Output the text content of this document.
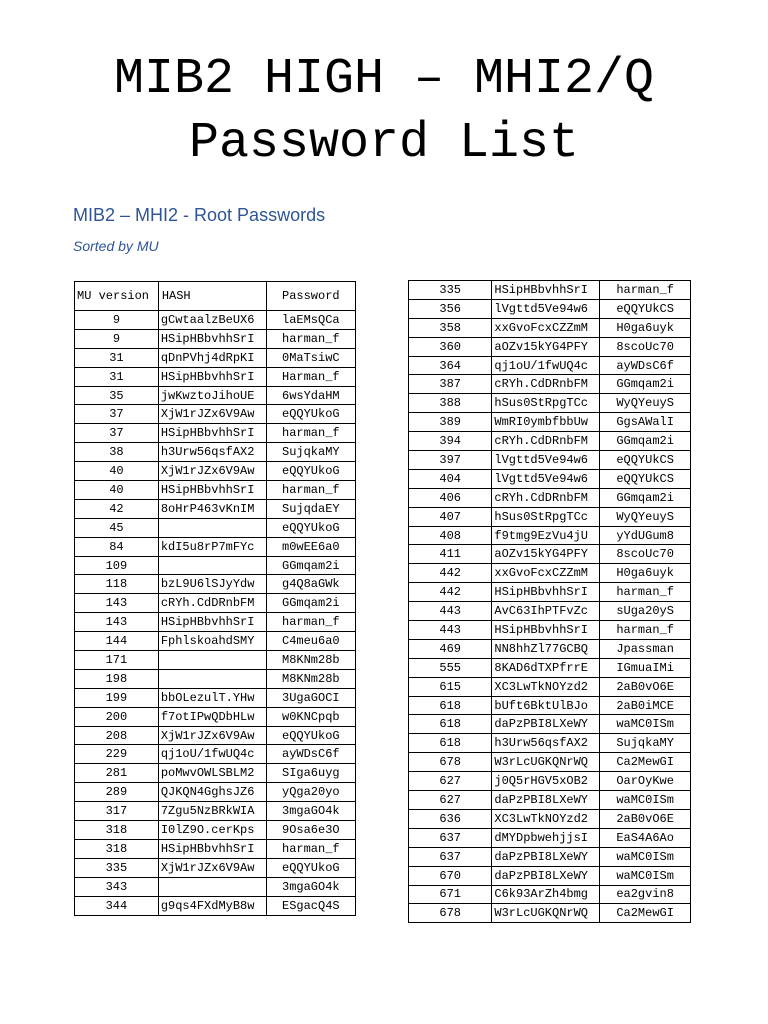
MIB2 HIGH – MHI2/Q
Password List
MIB2 – MHI2 - Root Passwords

Sorted by MU

MU version	HASH	Password
9	gCwtaalzBeUX6	laEMsQCa
9	HSipHBbvhhSrI	harman_f
31	qDnPVhj4dRpKI	0MaTsiwC
31	HSipHBbvhhSrI	Harman_f
35	jwKwztoJihoUE	6wsYdaHM
37	XjW1rJZx6V9Aw	eQQYUkoG
37	HSipHBbvhhSrI	harman_f
38	h3Urw56qsfAX2	SujqkaMY
40	XjW1rJZx6V9Aw	eQQYUkoG
40	HSipHBbvhhSrI	harman_f
42	8oHrP463vKnIM	SujqdaEY
45		eQQYUkoG
84	kdI5u8rP7mFYc	m0wEE6a0
109		GGmqam2i
118	bzL9U6lSJyYdw	g4Q8aGWk
143	cRYh.CdDRnbFM	GGmqam2i
143	HSipHBbvhhSrI	harman_f
144	FphlskoahdSMY	C4meu6a0
171		M8KNm28b
198		M8KNm28b
199	bbOLezulT.YHw	3UgaGOCI
200	f7otIPwQDbHLw	w0KNCpqb
208	XjW1rJZx6V9Aw	eQQYUkoG
229	qj1oU/1fwUQ4c	ayWDsC6f
281	poMwvOWLSBLM2	SIga6uyg
289	QJKQN4GghsJZ6	yQga20yo
317	7Zgu5NzBRkWIA	3mgaGO4k
318	I0lZ9O.cerKps	9Osa6e3O
318	HSipHBbvhhSrI	harman_f
335	XjW1rJZx6V9Aw	eQQYUkoG
343		3mgaGO4k
344	g9qs4FXdMyB8w	ESgacQ4S
335	HSipHBbvhhSrI	harman_f
356	lVgttd5Ve94w6	eQQYUkCS
358	xxGvoFcxCZZmM	H0ga6uyk
360	aOZv15kYG4PFY	8scoUc70
364	qj1oU/1fwUQ4c	ayWDsC6f
387	cRYh.CdDRnbFM	GGmqam2i
388	hSus0StRpgTCc	WyQYeuyS
389	WmRI0ymbfbbUw	GgsAWalI
394	cRYh.CdDRnbFM	GGmqam2i
397	lVgttd5Ve94w6	eQQYUkCS
404	lVgttd5Ve94w6	eQQYUkCS
406	cRYh.CdDRnbFM	GGmqam2i
407	hSus0StRpgTCc	WyQYeuyS
408	f9tmg9EzVu4jU	yYdUGum8
411	aOZv15kYG4PFY	8scoUc70
442	xxGvoFcxCZZmM	H0ga6uyk
442	HSipHBbvhhSrI	harman_f
443	AvC63IhPTFvZc	sUga20yS
443	HSipHBbvhhSrI	harman_f
469	NN8hhZl77GCBQ	Jpassman
555	8KAD6dTXPfrrE	IGmuaIMi
615	XC3LwTkNOYzd2	2aB0vO6E
618	bUft6BktUlBJo	2aB0iMCE
618	daPzPBI8LXeWY	waMC0ISm
618	h3Urw56qsfAX2	SujqkaMY
678	W3rLcUGKQNrWQ	Ca2MewGI
627	j0Q5rHGV5xOB2	OarOyKwe
627	daPzPBI8LXeWY	waMC0ISm
636	XC3LwTkNOYzd2	2aB0vO6E
637	dMYDpbwehjjsI	EaS4A6Ao
637	daPzPBI8LXeWY	waMC0ISm
670	daPzPBI8LXeWY	waMC0ISm
671	C6k93ArZh4bmg	ea2gvin8
678	W3rLcUGKQNrWQ	Ca2MewGI
